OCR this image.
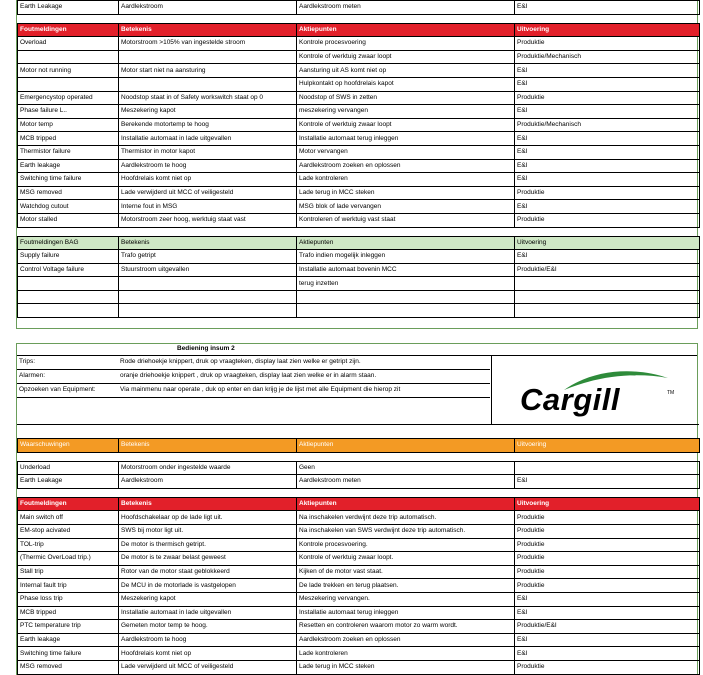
Earth Leakage	Aardlekstroom	Aardlekstroom meten	E&I

Foutmeldingen	Betekenis	Aktiepunten	Uitvoering
Overload	Motorstroom >105% van ingestelde stroom	Kontrole procesvoering	Produktie
		Kontrole of werktuig zwaar loopt	Produktie/Mechanisch
Motor not running	Motor start niet na aansturing	Aansturing uit AS komt niet op	E&I
		Hulpkontakt op hoofdrelais kapot	E&I
Emergencystop operated	Noodstop staat in of Safety workswitch staat op 0	Noodstop of SWS in zetten	Produktie
Phase failure L..	Meszekering kapot	meszekering vervangen	E&I
Motor temp	Berekende motortemp te hoog	Kontrole of werktuig zwaar loopt	Produktie/Mechanisch
MCB tripped	Installatie automaat in lade uitgevallen	Installatie automaat terug inleggen	E&I
Thermistor failure	Thermistor in motor kapot	Motor vervangen	E&I
Earth leakage	Aardlekstroom te hoog	Aardlekstroom zoeken en oplossen	E&I
Switching time failure	Hoofdrelais komt niet op	Lade kontroleren	E&I
MSG removed	Lade verwijderd uit MCC of veiligesteld	Lade terug in MCC steken	Produktie
Watchdog cutout	Interne fout in MSG	MSG blok of lade vervangen	E&I
Motor stalled	Motorstroom zeer hoog, werktuig staat vast	Kontroleren of werktuig vast staat	Produktie

Foutmeldingen BAG	Betekenis	Aktiepunten	Uitvoering
Supply failure	Trafo getript	Trafo indien mogelijk inleggen	E&I
Control Voltage failure	Stuurstroom uitgevallen	Installatie automaat bovenin MCC	Produktie/E&I
		terug inzetten	

Bediening insum 2
Trips:	Rode driehoekje knippert, druk op vraagteken, display laat zien welke er getript zijn.
Alarmen:	oranje driehoekje knippert , druk op vraagteken, display laat zien welke er in alarm staan.
Opzoeken van Equipment:	Via mainmenu naar operate , duk op enter en dan krijg je de lijst met alle Equipment die hierop zit	Cargill	TM
Waarschuwingen	Betekenis	Aktiepunten	Uitvoering

Underload	Motorstroom onder ingestelde waarde	Geen	
Earth Leakage	Aardlekstroom	Aardlekstroom meten	E&I

Foutmeldingen	Betekenis	Aktiepunten	Uitvoering
Main switch off	Hoofdschakelaar op de lade ligt uit.	Na inschakelen verdwijnt deze trip automatisch.	Produktie
EM-stop acivated	SWS bij motor ligt uit.	Na inschakelen van SWS verdwijnt deze trip automatisch.	Produktie
TOL-trip	De motor is thermisch getript.	Kontrole procesvoering.	Produktie
(Thermic OverLoad trip.)	De motor is te zwaar belast geweest	Kontrole of werktuig zwaar loopt.	Produktie
Stall trip	Rotor van de motor staat geblokkeerd	Kijken of de motor vast staat.	Produktie
Internal fault trip	De MCU in de motorlade is vastgelopen	De lade trekken en terug plaatsen.	Produktie
Phase loss trip	Meszekering kapot	Meszekering vervangen.	E&I
MCB tripped	Installatie automaat in lade uitgevallen	Installatie automaat terug inleggen	E&I
PTC temperature trip	Gemeten motor temp te hoog.	Resetten en controleren waarom motor zo warm wordt.	Produktie/E&I
Earth leakage	Aardlekstroom te hoog	Aardlekstroom zoeken en oplossen	E&I
Switching time failure	Hoofdrelais komt niet op	Lade kontroleren	E&I
MSG removed	Lade verwijderd uit MCC of veiligesteld	Lade terug in MCC steken	Produktie
